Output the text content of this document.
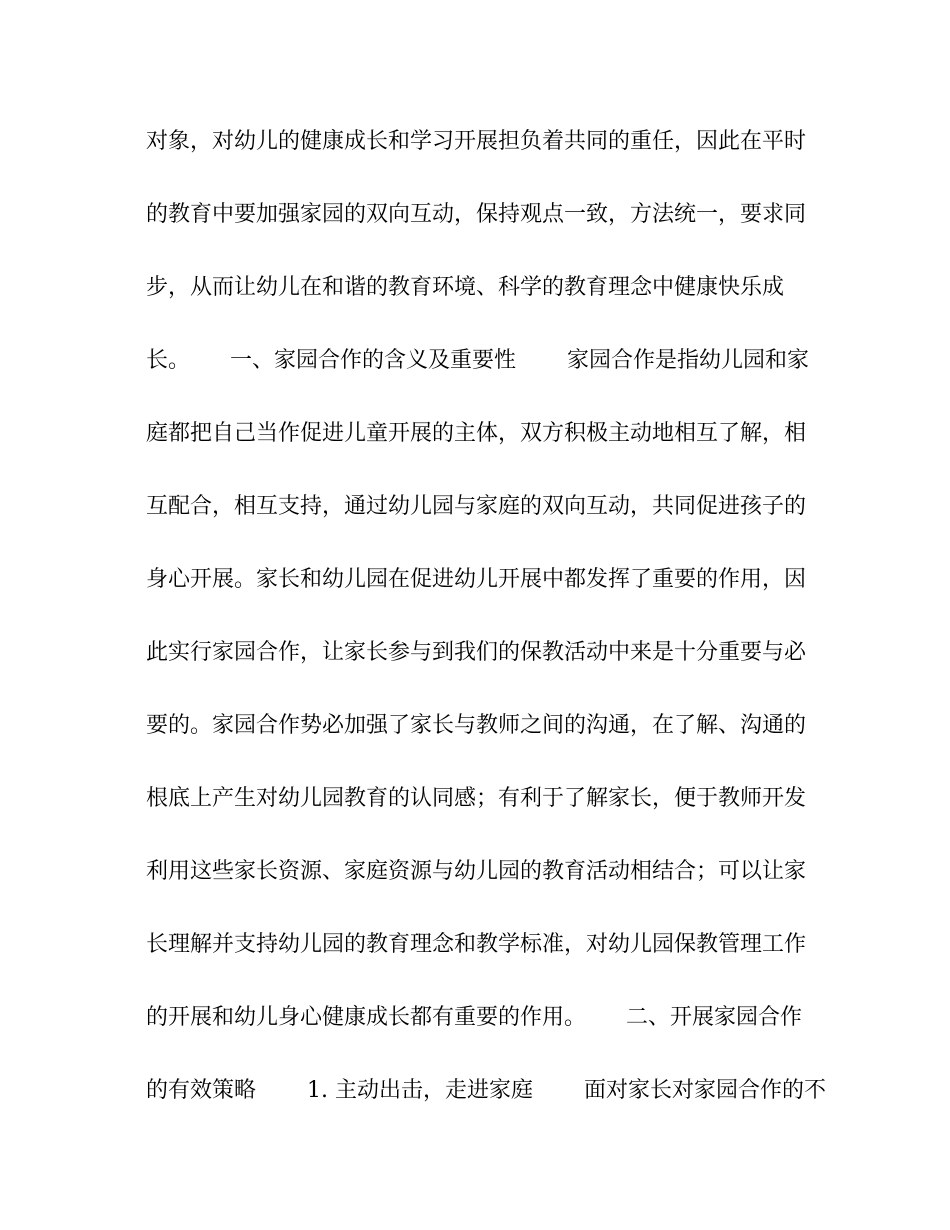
对象，对幼儿的健康成长和学习开展担负着共同的重任，因此在平时
的教育中要加强家园的双向互动，保持观点一致，方法统一，要求同
步，从而让幼儿在和谐的教育环境、科学的教育理念中健康快乐成
长。　　 一、家园合作的含义及重要性　　 家园合作是指幼儿园和家
庭都把自己当作促进儿童开展的主体，双方积极主动地相互了解，相
互配合，相互支持，通过幼儿园与家庭的双向互动，共同促进孩子的
身心开展。家长和幼儿园在促进幼儿开展中都发挥了重要的作用，因
此实行家园合作，让家长参与到我们的保教活动中来是十分重要与必
要的。家园合作势必加强了家长与教师之间的沟通，在了解、沟通的
根底上产生对幼儿园教育的认同感；有利于了解家长，便于教师开发
利用这些家长资源、家庭资源与幼儿园的教育活动相结合；可以让家
长理解并支持幼儿园的教育理念和教学标准，对幼儿园保教管理工作
的开展和幼儿身心健康成长都有重要的作用。　　 二、开展家园合作
的有效策略　　 1. 主动出击，走进家庭　　 面对家长对家园合作的不
